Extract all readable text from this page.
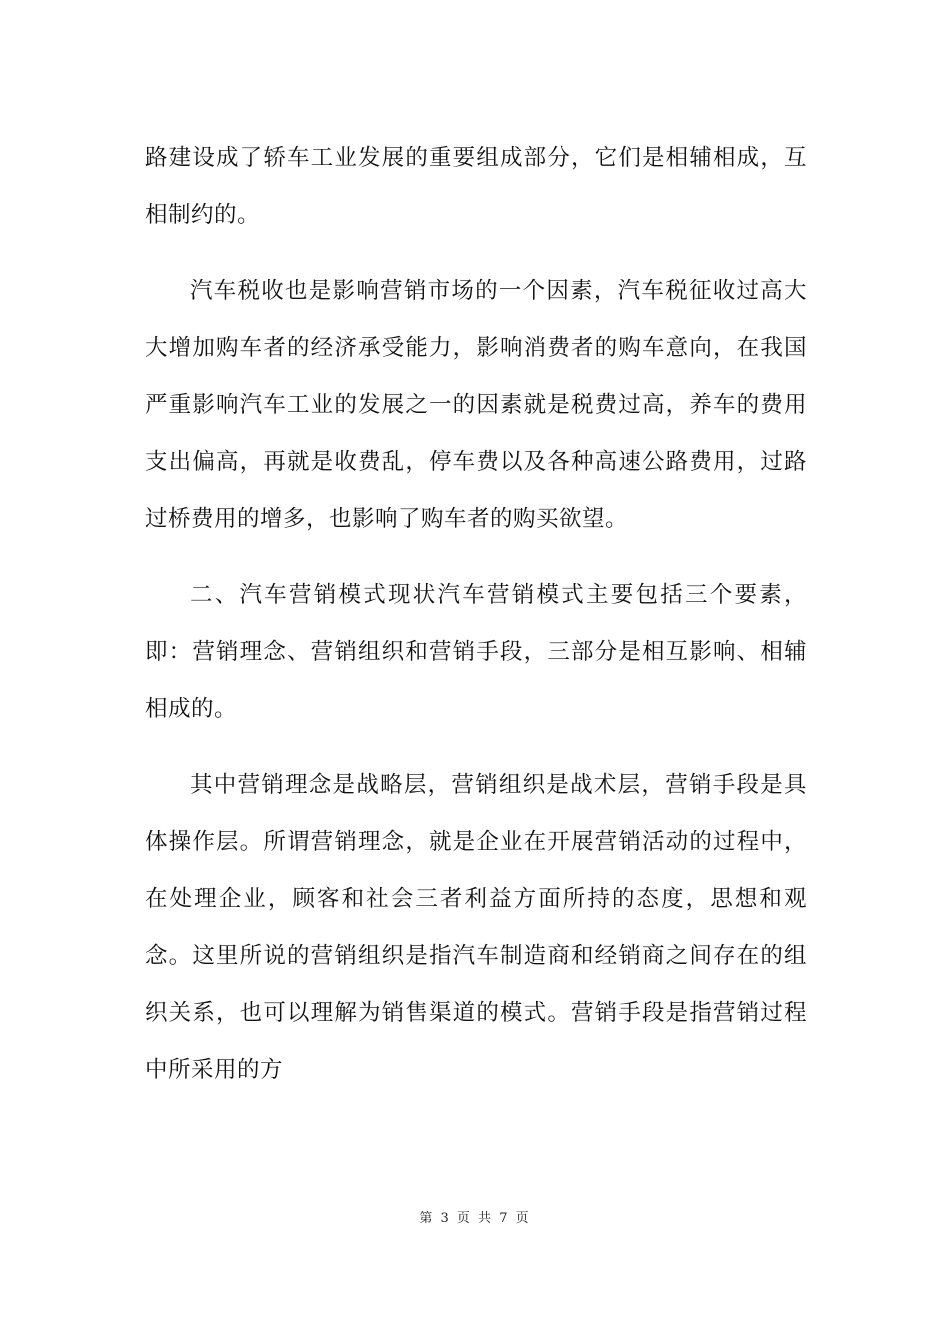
路建设成了轿车工业发展的重要组成部分，它们是相辅相成，互相制约的。

汽车税收也是影响营销市场的一个因素，汽车税征收过高大大增加购车者的经济承受能力，影响消费者的购车意向，在我国严重影响汽车工业的发展之一的因素就是税费过高，养车的费用支出偏高，再就是收费乱，停车费以及各种高速公路费用，过路过桥费用的增多，也影响了购车者的购买欲望。

二、汽车营销模式现状汽车营销模式主要包括三个要素，即：营销理念、营销组织和营销手段，三部分是相互影响、相辅相成的。

其中营销理念是战略层，营销组织是战术层，营销手段是具体操作层。所谓营销理念，就是企业在开展营销活动的过程中，在处理企业，顾客和社会三者利益方面所持的态度，思想和观念。这里所说的营销组织是指汽车制造商和经销商之间存在的组织关系，也可以理解为销售渠道的模式。营销手段是指营销过程中所采用的方

第 3 页 共 7 页
